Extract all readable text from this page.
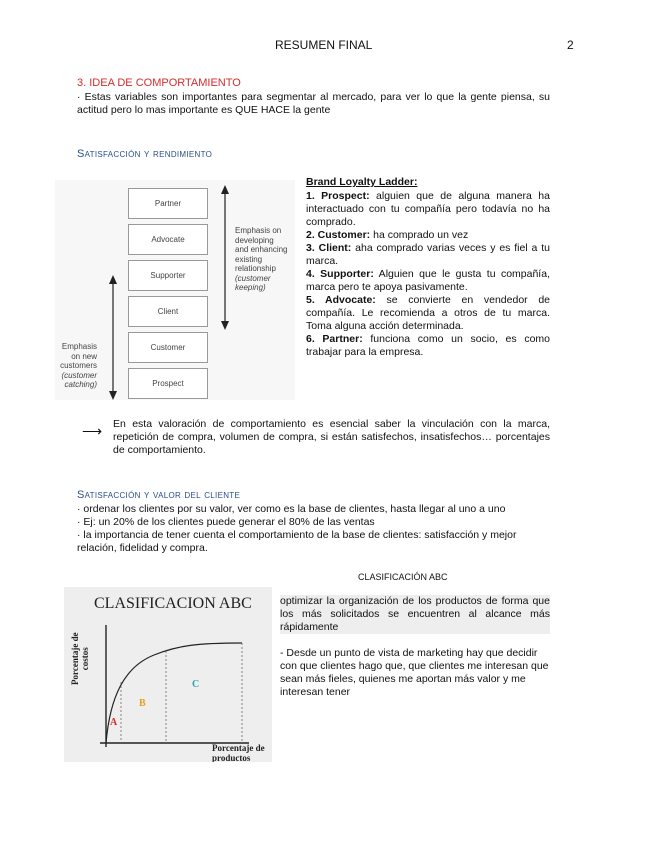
RESUMEN FINAL	2
3. IDEA DE COMPORTAMIENTO
· Estas variables son importantes para segmentar al mercado, para ver lo que la gente piensa, su actitud pero lo mas importante es QUE HACE la gente
Satisfacción y rendimiento
Partner
Advocate
Supporter
Client
Customer
Prospect
Emphasis on
developing
and enhancing
existing
relationship
(customer
keeping)
Emphasis
on new
customers
(customer
catching)

Brand Loyalty Ladder:

1. Prospect: alguien que de alguna manera ha interactuado con tu compañía pero todavía no ha comprado.

2. Customer: ha comprado un vez

3. Client: aha comprado varias veces y es fiel a tu marca.

4. Supporter: Alguien que le gusta tu compañía, marca pero te apoya pasivamente.

5. Advocate: se convierte en vendedor de compañía. Le recomienda a otros de tu marca. Toma alguna acción determinada.

6. Partner: funciona como un socio, es como trabajar para la empresa.

⟶ En esta valoración de comportamiento es esencial saber la vinculación con la marca, repetición de compra, volumen de compra, si están satisfechos, insatisfechos… porcentajes de comportamiento.
Satisfacción y valor del cliente
· ordenar los clientes por su valor, ver como es la base de clientes, hasta llegar al uno a uno
· Ej: un 20% de los clientes puede generar el 80% de las ventas
· la importancia de tener cuenta el comportamiento de la base de clientes: satisfacción y mejor relación, fidelidad y compra.
CLASIFICACIÓN ABC
CLASIFICACION ABC
Porcentaje de costos
A
B
C
Porcentaje de
productos
optimizar la organización de los productos de forma que los más solicitados se encuentren al alcance más rápidamente
- Desde un punto de vista de marketing hay que decidir con que clientes hago que, que clientes me interesan que sean más fieles, quienes me aportan más valor y me interesan tener
